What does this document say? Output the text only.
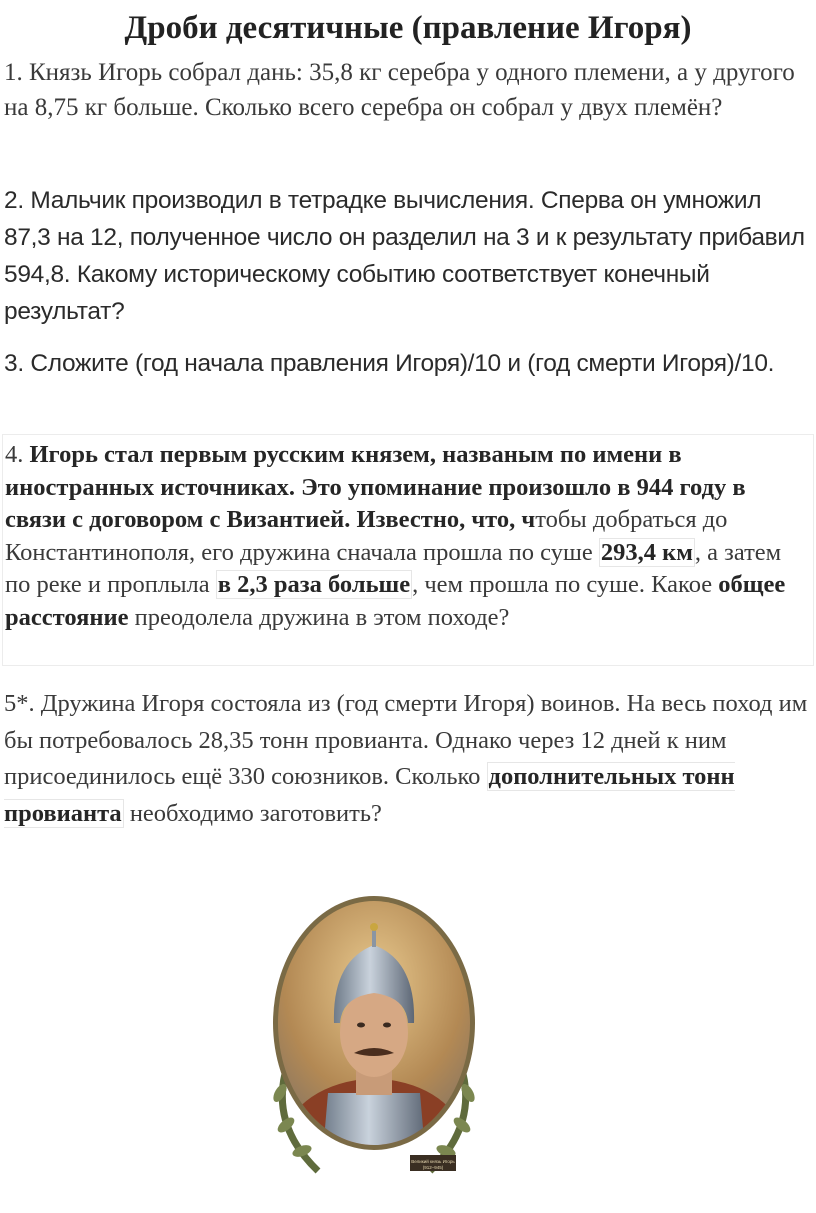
Дроби десятичные (правление Игоря)

1. Князь Игорь собрал дань: 35,8 кг серебра у одного племени, а у другого на 8,75 кг больше. Сколько всего серебра он собрал у двух племён?

2. Мальчик производил в тетрадке вычисления. Сперва он умножил 87,3 на 12, полученное число он разделил на 3 и к результату прибавил 594,8. Какому историческому событию соответствует конечный результат?

3. Сложите (год начала правления Игоря)/10 и (год смерти Игоря)/10.

4. Игорь стал первым русским князем, названым по имени в иностранных источниках. Это упоминание произошло в 944 году в связи с договором с Византией. Известно, что, чтобы добраться до Константинополя, его дружина сначала прошла по суше 293,4 км, а затем по реке и проплыла в 2,3 раза больше, чем прошла по суше. Какое общее расстояние преодолела дружина в этом походе?

5*. Дружина Игоря состояла из (год смерти Игоря) воинов. На весь поход им бы потребовалось 28,35 тонн провианта. Однако через 12 дней к ним присоединилось ещё 330 союзников. Сколько дополнительных тонн провианта необходимо заготовить?

Великий князь Игорь
(912–945)
